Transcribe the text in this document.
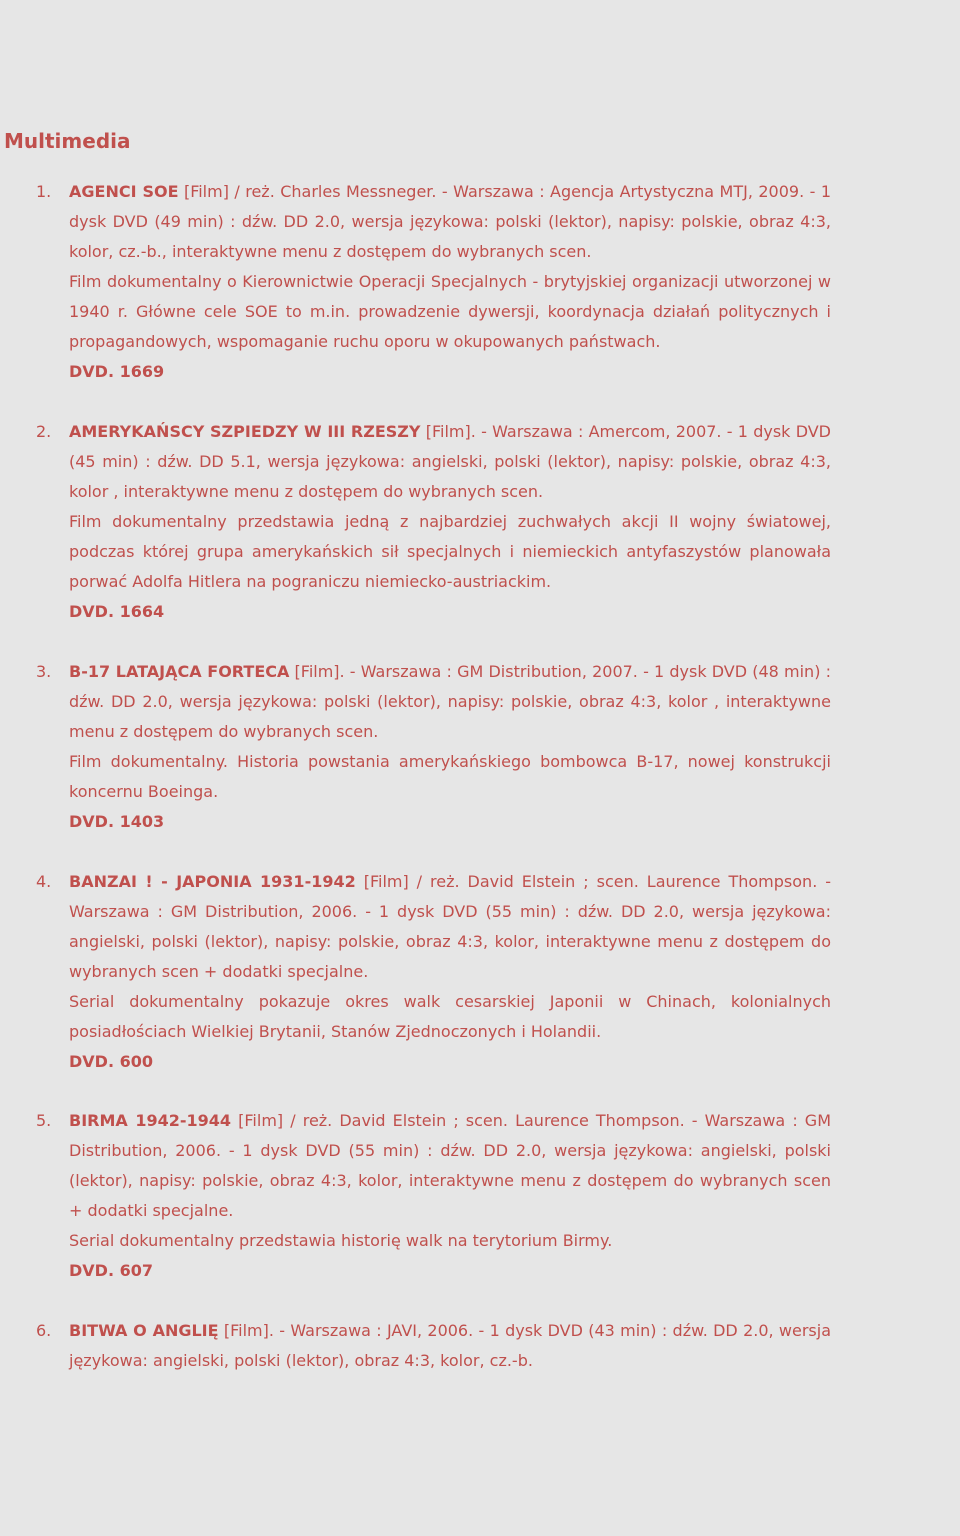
Multimedia
1. AGENCI SOE [Film] / reż. Charles Messneger. - Warszawa : Agencja Artystyczna MTJ, 2009. - 1 dysk DVD (49 min) : dźw. DD 2.0, wersja językowa: polski (lektor), napisy: polskie, obraz 4:3, kolor, cz.-b., interaktywne menu z dostępem do wybranych scen.

Film dokumentalny o Kierownictwie Operacji Specjalnych - brytyjskiej organizacji utworzonej w 1940 r. Główne cele SOE to m.in. prowadzenie dywersji, koordynacja działań politycznych i propagandowych, wspomaganie ruchu oporu w okupowanych państwach.

DVD. 1669

2. AMERYKAŃSCY SZPIEDZY W III RZESZY [Film]. - Warszawa : Amercom, 2007. - 1 dysk DVD (45 min) : dźw. DD 5.1, wersja językowa: angielski, polski (lektor), napisy: polskie, obraz 4:3, kolor , interaktywne menu z dostępem do wybranych scen.

Film dokumentalny przedstawia jedną z najbardziej zuchwałych akcji II wojny światowej, podczas której grupa amerykańskich sił specjalnych i niemieckich antyfaszystów planowała porwać Adolfa Hitlera na pograniczu niemiecko-austriackim.

DVD. 1664

3. B-17 LATAJĄCA FORTECA [Film]. - Warszawa : GM Distribution, 2007. - 1 dysk DVD (48 min) : dźw. DD 2.0, wersja językowa: polski (lektor), napisy: polskie, obraz 4:3, kolor , interaktywne menu z dostępem do wybranych scen.

Film dokumentalny. Historia powstania amerykańskiego bombowca B-17, nowej konstrukcji koncernu Boeinga.

DVD. 1403

4. BANZAI ! - JAPONIA 1931-1942 [Film] / reż. David Elstein ; scen. Laurence Thompson. - Warszawa : GM Distribution, 2006. - 1 dysk DVD (55 min) : dźw. DD 2.0, wersja językowa: angielski, polski (lektor), napisy: polskie, obraz 4:3, kolor, interaktywne menu z dostępem do wybranych scen + dodatki specjalne.

Serial dokumentalny pokazuje okres walk cesarskiej Japonii w Chinach, kolonialnych posiadłościach Wielkiej Brytanii, Stanów Zjednoczonych i Holandii.

DVD. 600

5. BIRMA 1942-1944 [Film] / reż. David Elstein ; scen. Laurence Thompson. - Warszawa : GM Distribution, 2006. - 1 dysk DVD (55 min) : dźw. DD 2.0, wersja językowa: angielski, polski (lektor), napisy: polskie, obraz 4:3, kolor, interaktywne menu z dostępem do wybranych scen + dodatki specjalne.

Serial dokumentalny przedstawia historię walk na terytorium Birmy.

DVD. 607

6. BITWA O ANGLIĘ [Film]. - Warszawa : JAVI, 2006. - 1 dysk DVD (43 min) : dźw. DD 2.0, wersja językowa: angielski, polski (lektor), obraz 4:3, kolor, cz.-b.
